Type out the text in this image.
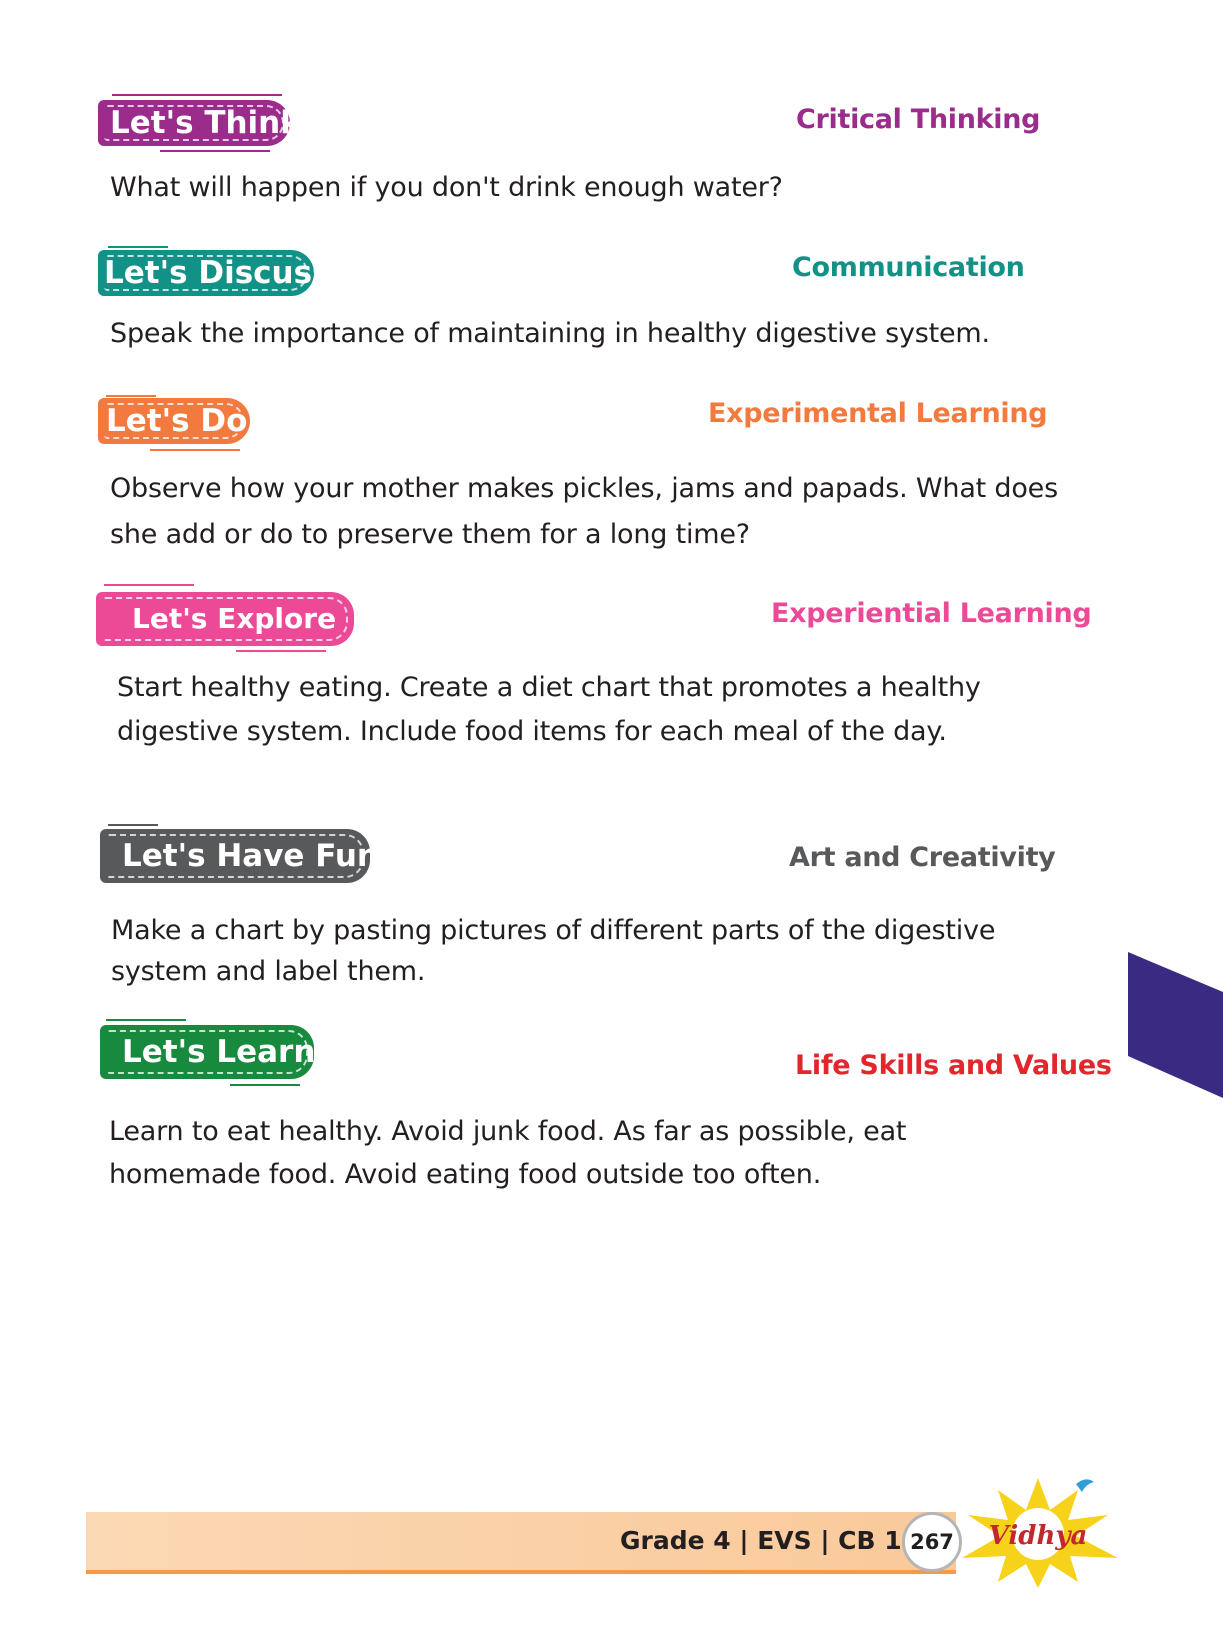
Let's Think	Critical Thinking
What will happen if you don't drink enough water?
Let's Discuss	Communication
Speak the importance of maintaining in healthy digestive system.
Let's Do	Experimental Learning
Observe how your mother makes pickles, jams and papads. What does
she add or do to preserve them for a long time?
Let's Explore	Experiential Learning
Start healthy eating. Create a diet chart that promotes a healthy
digestive system. Include food items for each meal of the day.
Let's Have Fun	Art and Creativity
Make a chart by pasting pictures of different parts of the digestive
system and label them.
Let's Learn	Life Skills and Values
Learn to eat healthy. Avoid junk food. As far as possible, eat
homemade food. Avoid eating food outside too often.
Grade 4 | EVS | CB 1 267	Vidhya
